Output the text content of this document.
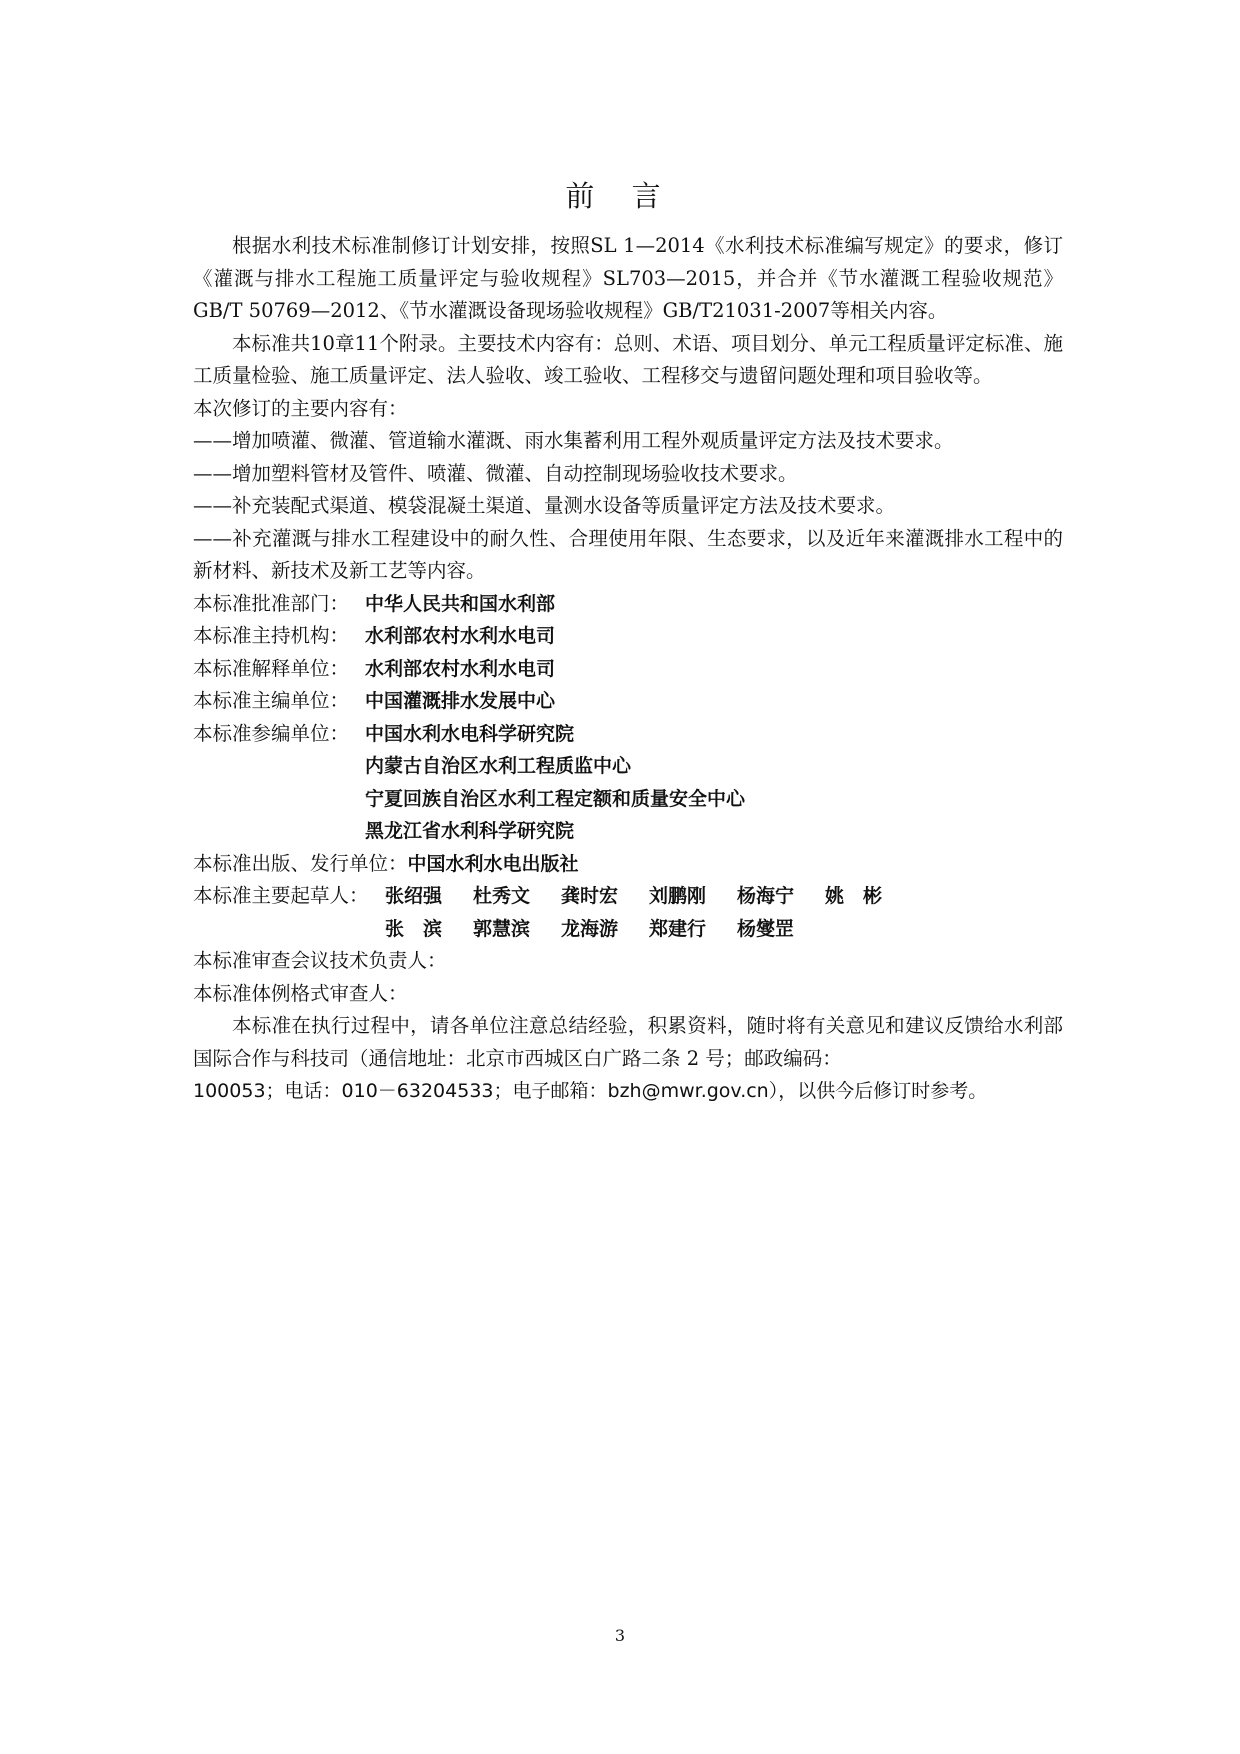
前 言

根据水利技术标准制修订计划安排，按照SL 1—2014《水利技术标准编写规定》的要求，修订《灌溉与排水工程施工质量评定与验收规程》SL703—2015，并合并《节水灌溉工程验收规范》GB/T 50769—2012、《节水灌溉设备现场验收规程》GB/T21031-2007等相关内容。

本标准共10章11个附录。主要技术内容有：总则、术语、项目划分、单元工程质量评定标准、施工质量检验、施工质量评定、法人验收、竣工验收、工程移交与遗留问题处理和项目验收等。

本次修订的主要内容有：

——增加喷灌、微灌、管道输水灌溉、雨水集蓄利用工程外观质量评定方法及技术要求。

——增加塑料管材及管件、喷灌、微灌、自动控制现场验收技术要求。

——补充装配式渠道、模袋混凝土渠道、量测水设备等质量评定方法及技术要求。

——补充灌溉与排水工程建设中的耐久性、合理使用年限、生态要求，以及近年来灌溉排水工程中的新材料、新技术及新工艺等内容。

本标准批准部门： 中华人民共和国水利部
本标准主持机构： 水利部农村水利水电司
本标准解释单位： 水利部农村水利水电司
本标准主编单位： 中国灌溉排水发展中心
本标准参编单位： 中国水利水电科学研究院
内蒙古自治区水利工程质监中心
宁夏回族自治区水利工程定额和质量安全中心
黑龙江省水利科学研究院
本标准出版、发行单位： 中国水利水电出版社
本标准主要起草人： 张绍强	杜秀文	龚时宏	刘鹏刚	杨海宁	姚　彬
张　滨	郭慧滨	龙海游	郑建行	杨燮罡

本标准审查会议技术负责人：

本标准体例格式审查人：

本标准在执行过程中，请各单位注意总结经验，积累资料，随时将有关意见和建议反馈给水利部国际合作与科技司（通信地址：北京市西城区白广路二条 2 号；邮政编码：

100053；电话：010－63204533；电子邮箱：bzh@mwr.gov.cn），以供今后修订时参考。

3
